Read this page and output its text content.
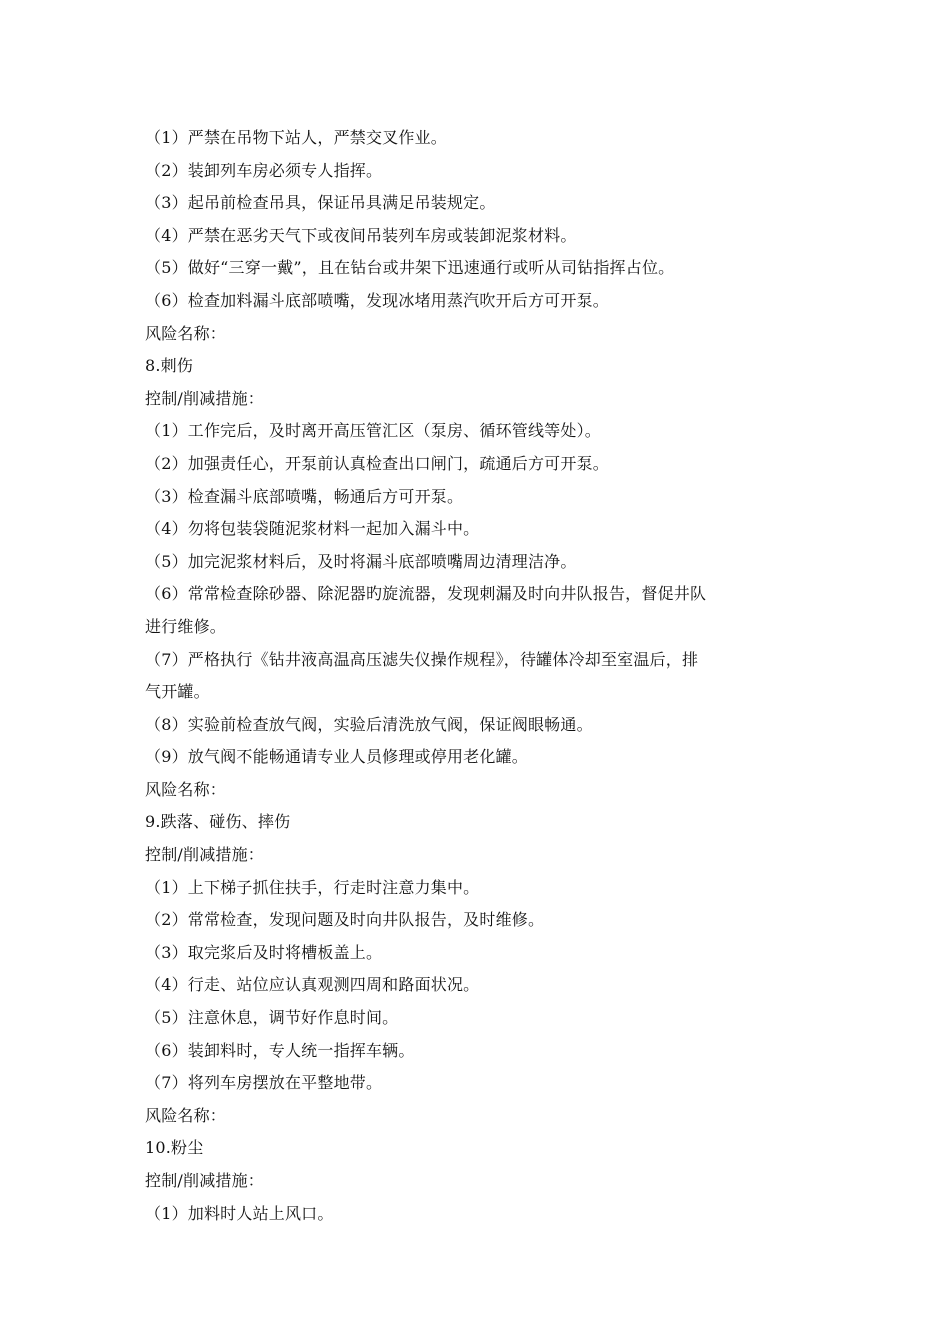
（1）严禁在吊物下站人，严禁交叉作业。
（2）装卸列车房必须专人指挥。
（3）起吊前检查吊具，保证吊具满足吊装规定。
（4）严禁在恶劣天气下或夜间吊装列车房或装卸泥浆材料。
（5）做好“三穿一戴”，且在钻台或井架下迅速通行或听从司钻指挥占位。
（6）检查加料漏斗底部喷嘴，发现冰堵用蒸汽吹开后方可开泵。
风险名称：
8.刺伤
控制/削减措施：
（1）工作完后，及时离开高压管汇区（泵房、循环管线等处）。
（2）加强责任心，开泵前认真检查出口闸门，疏通后方可开泵。
（3）检查漏斗底部喷嘴，畅通后方可开泵。
（4）勿将包装袋随泥浆材料一起加入漏斗中。
（5）加完泥浆材料后，及时将漏斗底部喷嘴周边清理洁净。
（6）常常检查除砂器、除泥器旳旋流器，发现刺漏及时向井队报告，督促井队
进行维修。
（7）严格执行《钻井液高温高压滤失仪操作规程》，待罐体冷却至室温后，排
气开罐。
（8）实验前检查放气阀，实验后清洗放气阀，保证阀眼畅通。
（9）放气阀不能畅通请专业人员修理或停用老化罐。
风险名称：
9.跌落、碰伤、摔伤
控制/削减措施：
（1）上下梯子抓住扶手，行走时注意力集中。
（2）常常检查，发现问题及时向井队报告，及时维修。
（3）取完浆后及时将槽板盖上。
（4）行走、站位应认真观测四周和路面状况。
（5）注意休息，调节好作息时间。
（6）装卸料时，专人统一指挥车辆。
（7）将列车房摆放在平整地带。
风险名称：
10.粉尘
控制/削减措施：
（1）加料时人站上风口。
